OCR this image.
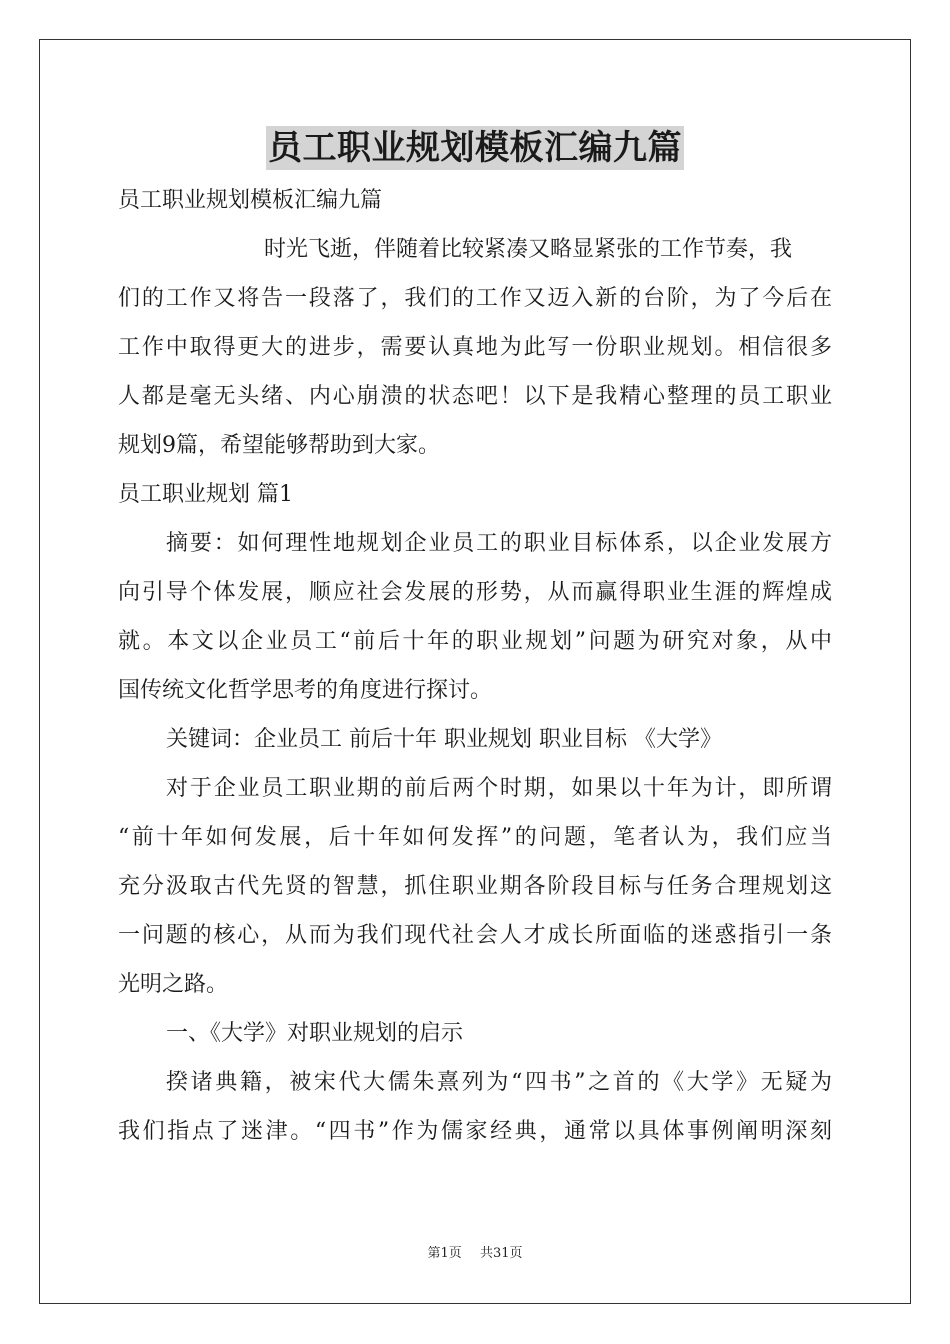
员工职业规划模板汇编九篇
员工职业规划模板汇编九篇
时光飞逝，伴随着比较紧凑又略显紧张的工作节奏，我
们的工作又将告一段落了，我们的工作又迈入新的台阶，为了今后在
工作中取得更大的进步，需要认真地为此写一份职业规划。相信很多
人都是毫无头绪、内心崩溃的状态吧！以下是我精心整理的员工职业
规划9篇，希望能够帮助到大家。
员工职业规划 篇1
摘要：如何理性地规划企业员工的职业目标体系，以企业发展方
向引导个体发展，顺应社会发展的形势，从而赢得职业生涯的辉煌成
就。本文以企业员工“前后十年的职业规划”问题为研究对象，从中
国传统文化哲学思考的角度进行探讨。
关键词：企业员工 前后十年 职业规划 职业目标 《大学》
对于企业员工职业期的前后两个时期，如果以十年为计，即所谓
“前十年如何发展，后十年如何发挥”的问题，笔者认为，我们应当
充分汲取古代先贤的智慧，抓住职业期各阶段目标与任务合理规划这
一问题的核心，从而为我们现代社会人才成长所面临的迷惑指引一条
光明之路。
一、《大学》对职业规划的启示
揆诸典籍，被宋代大儒朱熹列为“四书”之首的《大学》无疑为
我们指点了迷津。“四书”作为儒家经典，通常以具体事例阐明深刻
第1页 共31页
